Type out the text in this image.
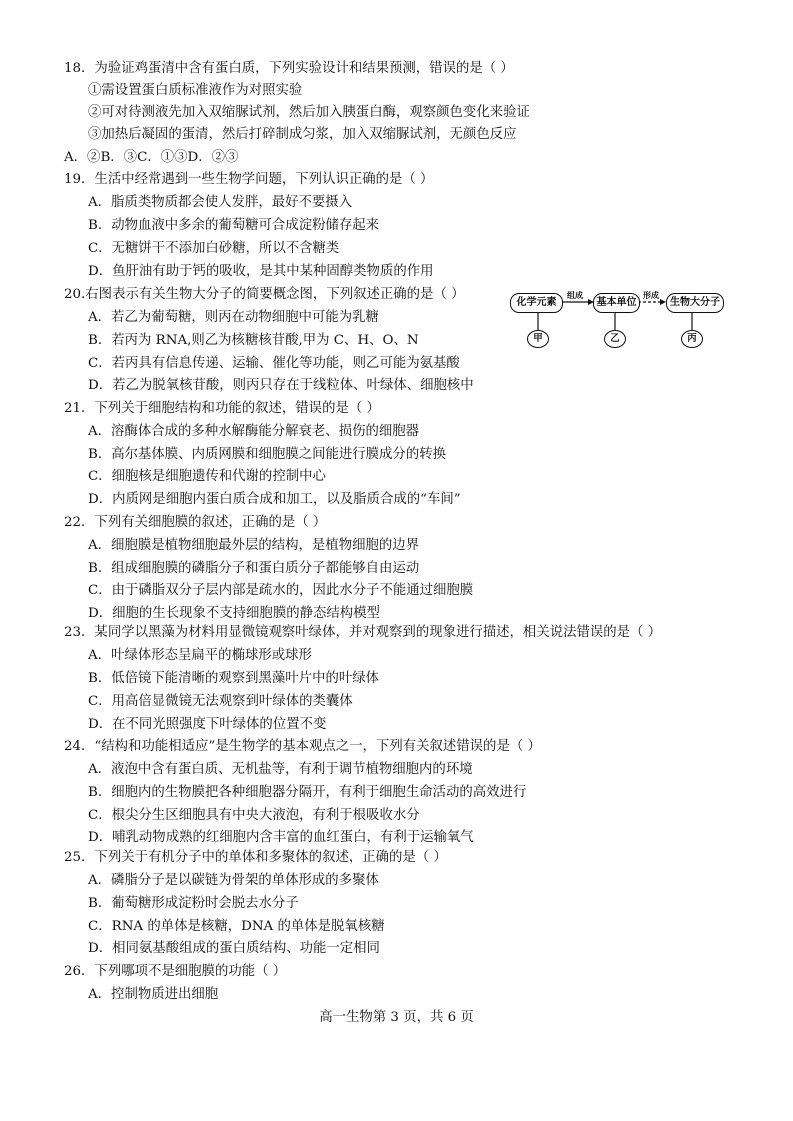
18．为验证鸡蛋清中含有蛋白质，下列实验设计和结果预测，错误的是（ ）
①需设置蛋白质标准液作为对照实验
②可对待测液先加入双缩脲试剂，然后加入胰蛋白酶，观察颜色变化来验证
③加热后凝固的蛋清，然后打碎制成匀浆，加入双缩脲试剂，无颜色反应
A．②B．③C．①③D．②③
19．生活中经常遇到一些生物学问题，下列认识正确的是（ ）
A．脂质类物质都会使人发胖，最好不要摄入
B．动物血液中多余的葡萄糖可合成淀粉储存起来
C．无糖饼干不添加白砂糖，所以不含糖类
D．鱼肝油有助于钙的吸收，是其中某种固醇类物质的作用
20.右图表示有关生物大分子的简要概念图，下列叙述正确的是（ ）
A．若乙为葡萄糖，则丙在动物细胞中可能为乳糖
B．若丙为 RNA,则乙为核糖核苷酸,甲为 C、H、O、N
C．若丙具有信息传递、运输、催化等功能，则乙可能为氨基酸
D．若乙为脱氧核苷酸，则丙只存在于线粒体、叶绿体、细胞核中
化学元素
组成
基本单位
形成
生物大分子
甲	乙	丙
21．下列关于细胞结构和功能的叙述，错误的是（ ）
A．溶酶体合成的多种水解酶能分解衰老、损伤的细胞器
B．高尔基体膜、内质网膜和细胞膜之间能进行膜成分的转换
C．细胞核是细胞遗传和代谢的控制中心
D．内质网是细胞内蛋白质合成和加工，以及脂质合成的“车间”
22．下列有关细胞膜的叙述，正确的是（ ）
A．细胞膜是植物细胞最外层的结构，是植物细胞的边界
B．组成细胞膜的磷脂分子和蛋白质分子都能够自由运动
C．由于磷脂双分子层内部是疏水的，因此水分子不能通过细胞膜
D．细胞的生长现象不支持细胞膜的静态结构模型
23．某同学以黑藻为材料用显微镜观察叶绿体，并对观察到的现象进行描述，相关说法错误的是（ ）
A．叶绿体形态呈扁平的椭球形或球形
B．低倍镜下能清晰的观察到黑藻叶片中的叶绿体
C．用高倍显微镜无法观察到叶绿体的类囊体
D．在不同光照强度下叶绿体的位置不变
24．“结构和功能相适应”是生物学的基本观点之一，下列有关叙述错误的是（ ）
A．液泡中含有蛋白质、无机盐等，有利于调节植物细胞内的环境
B．细胞内的生物膜把各种细胞器分隔开，有利于细胞生命活动的高效进行
C．根尖分生区细胞具有中央大液泡，有利于根吸收水分
D．哺乳动物成熟的红细胞内含丰富的血红蛋白，有利于运输氧气
25．下列关于有机分子中的单体和多聚体的叙述，正确的是（ ）
A．磷脂分子是以碳链为骨架的单体形成的多聚体
B．葡萄糖形成淀粉时会脱去水分子
C．RNA 的单体是核糖，DNA 的单体是脱氧核糖
D．相同氨基酸组成的蛋白质结构、功能一定相同
26．下列哪项不是细胞膜的功能（ ）
A．控制物质进出细胞
高一生物第 3 页，共 6 页
